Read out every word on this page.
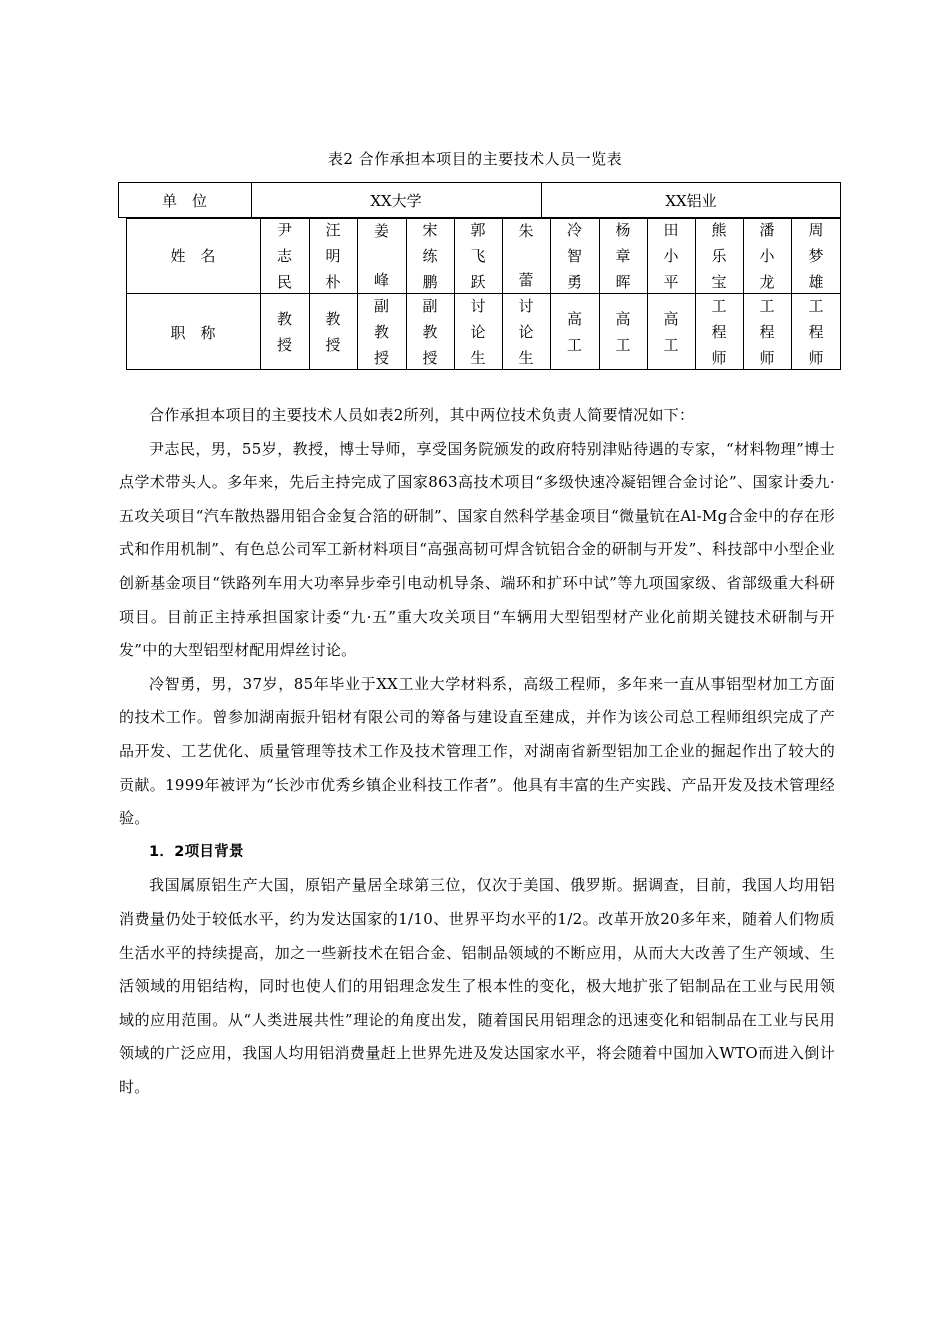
表2 合作承担本项目的主要技术人员一览表
单　位	XX大学	XX铝业
姓　名
职　称
尹
志
民
教
授
汪
明
朴
教
授
姜
峰
副
教
授
宋
练
鹏
副
教
授
郭
飞
跃
讨
论
生
朱
蕾
讨
论
生
冷
智
勇
高
工
杨
章
晖
高
工
田
小
平
高
工
熊
乐
宝
工
程
师
潘
小
龙
工
程
师
周
梦
雄
工
程
师

合作承担本项目的主要技术人员如表2所列，其中两位技术负责人简要情况如下：

尹志民，男，55岁，教授，博士导师，享受国务院颁发的政府特别津贴待遇的专家，“材料物理”博士点学术带头人。多年来，先后主持完成了国家863高技术项目“多级快速冷凝铝锂合金讨论”、国家计委九·五攻关项目“汽车散热器用铝合金复合箔的研制”、国家自然科学基金项目“微量钪在Al-Mg合金中的存在形式和作用机制”、有色总公司军工新材料项目“高强高韧可焊含钪铝合金的研制与开发”、科技部中小型企业创新基金项目“铁路列车用大功率异步牵引电动机导条、端环和扩环中试”等九项国家级、省部级重大科研项目。目前正主持承担国家计委“九·五”重大攻关项目“车辆用大型铝型材产业化前期关键技术研制与开发”中的大型铝型材配用焊丝讨论。

冷智勇，男，37岁，85年毕业于XX工业大学材料系，高级工程师，多年来一直从事铝型材加工方面的技术工作。曾参加湖南振升铝材有限公司的筹备与建设直至建成，并作为该公司总工程师组织完成了产品开发、工艺优化、质量管理等技术工作及技术管理工作，对湖南省新型铝加工企业的掘起作出了较大的贡献。1999年被评为“长沙市优秀乡镇企业科技工作者”。他具有丰富的生产实践、产品开发及技术管理经验。

1．2项目背景

我国属原铝生产大国，原铝产量居全球第三位，仅次于美国、俄罗斯。据调查，目前，我国人均用铝消费量仍处于较低水平，约为发达国家的1/10、世界平均水平的1/2。改革开放20多年来，随着人们物质生活水平的持续提高，加之一些新技术在铝合金、铝制品领域的不断应用，从而大大改善了生产领域、生活领域的用铝结构，同时也使人们的用铝理念发生了根本性的变化，极大地扩张了铝制品在工业与民用领域的应用范围。从“人类进展共性”理论的角度出发，随着国民用铝理念的迅速变化和铝制品在工业与民用领域的广泛应用，我国人均用铝消费量赶上世界先进及发达国家水平，将会随着中国加入WTO而进入倒计时。
